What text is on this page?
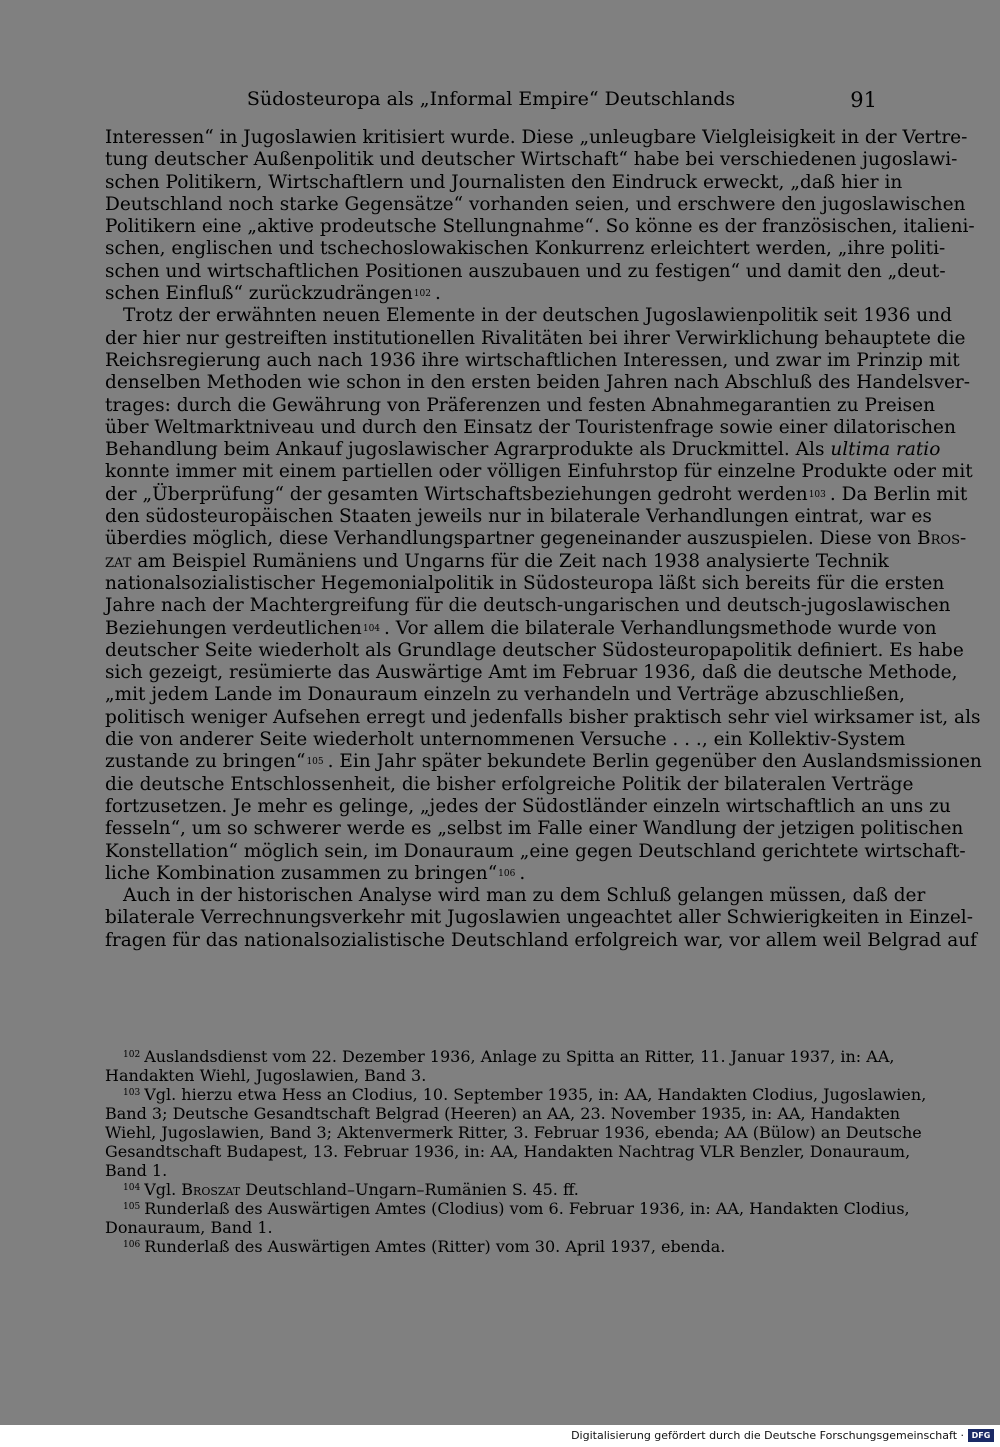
Südosteuropa als „Informal Empire“ Deutschlands	91
Interessen“ in Jugoslawien kritisiert wurde. Diese „unleugbare Vielgleisigkeit in der Vertre-
tung deutscher Außenpolitik und deutscher Wirtschaft“ habe bei verschiedenen jugoslawi-
schen Politikern, Wirtschaftlern und Journalisten den Eindruck erweckt, „daß hier in
Deutschland noch starke Gegensätze“ vorhanden seien, und erschwere den jugoslawischen
Politikern eine „aktive prodeutsche Stellungnahme“. So könne es der französischen, italieni-
schen, englischen und tschechoslowakischen Konkurrenz erleichtert werden, „ihre politi-
schen und wirtschaftlichen Positionen auszubauen und zu festigen“ und damit den „deut-
schen Einfluß“ zurückzudrängen$^{102}$ .
Trotz der erwähnten neuen Elemente in der deutschen Jugoslawienpolitik seit 1936 und
der hier nur gestreiften institutionellen Rivalitäten bei ihrer Verwirklichung behauptete die
Reichsregierung auch nach 1936 ihre wirtschaftlichen Interessen, und zwar im Prinzip mit
denselben Methoden wie schon in den ersten beiden Jahren nach Abschluß des Handelsver-
trages: durch die Gewährung von Präferenzen und festen Abnahmegarantien zu Preisen
über Weltmarktniveau und durch den Einsatz der Touristenfrage sowie einer dilatorischen
Behandlung beim Ankauf jugoslawischer Agrarprodukte als Druckmittel. Als ultima ratio
konnte immer mit einem partiellen oder völligen Einfuhrstop für einzelne Produkte oder mit
der „Überprüfung“ der gesamten Wirtschaftsbeziehungen gedroht werden$^{103}$ . Da Berlin mit
den südosteuropäischen Staaten jeweils nur in bilaterale Verhandlungen eintrat, war es
überdies möglich, diese Verhandlungspartner gegeneinander auszuspielen. Diese von Bros-
zat am Beispiel Rumäniens und Ungarns für die Zeit nach 1938 analysierte Technik
nationalsozialistischer Hegemonialpolitik in Südosteuropa läßt sich bereits für die ersten
Jahre nach der Machtergreifung für die deutsch-ungarischen und deutsch-jugoslawischen
Beziehungen verdeutlichen$^{104}$ . Vor allem die bilaterale Verhandlungsmethode wurde von
deutscher Seite wiederholt als Grundlage deutscher Südosteuropapolitik definiert. Es habe
sich gezeigt, resümierte das Auswärtige Amt im Februar 1936, daß die deutsche Methode,
„mit jedem Lande im Donauraum einzeln zu verhandeln und Verträge abzuschließen,
politisch weniger Aufsehen erregt und jedenfalls bisher praktisch sehr viel wirksamer ist, als
die von anderer Seite wiederholt unternommenen Versuche . . ., ein Kollektiv-System
zustande zu bringen“$^{105}$ . Ein Jahr später bekundete Berlin gegenüber den Auslandsmissionen
die deutsche Entschlossenheit, die bisher erfolgreiche Politik der bilateralen Verträge
fortzusetzen. Je mehr es gelinge, „jedes der Südostländer einzeln wirtschaftlich an uns zu
fesseln“, um so schwerer werde es „selbst im Falle einer Wandlung der jetzigen politischen
Konstellation“ möglich sein, im Donauraum „eine gegen Deutschland gerichtete wirtschaft-
liche Kombination zusammen zu bringen“$^{106}$ .
Auch in der historischen Analyse wird man zu dem Schluß gelangen müssen, daß der
bilaterale Verrechnungsverkehr mit Jugoslawien ungeachtet aller Schwierigkeiten in Einzel-
fragen für das nationalsozialistische Deutschland erfolgreich war, vor allem weil Belgrad auf
$^{102}$ Auslandsdienst vom 22. Dezember 1936, Anlage zu Spitta an Ritter, 11. Januar 1937, in: AA,
Handakten Wiehl, Jugoslawien, Band 3.
$^{103}$ Vgl. hierzu etwa Hess an Clodius, 10. September 1935, in: AA, Handakten Clodius, Jugoslawien,
Band 3; Deutsche Gesandtschaft Belgrad (Heeren) an AA, 23. November 1935, in: AA, Handakten
Wiehl, Jugoslawien, Band 3; Aktenvermerk Ritter, 3. Februar 1936, ebenda; AA (Bülow) an Deutsche
Gesandtschaft Budapest, 13. Februar 1936, in: AA, Handakten Nachtrag VLR Benzler, Donauraum,
Band 1.
$^{104}$ Vgl. Broszat Deutschland–Ungarn–Rumänien S. 45. ff.
$^{105}$ Runderlaß des Auswärtigen Amtes (Clodius) vom 6. Februar 1936, in: AA, Handakten Clodius,
Donauraum, Band 1.
$^{106}$ Runderlaß des Auswärtigen Amtes (Ritter) vom 30. April 1937, ebenda.
Digitalisierung gefördert durch die Deutsche Forschungsgemeinschaft · DFG
